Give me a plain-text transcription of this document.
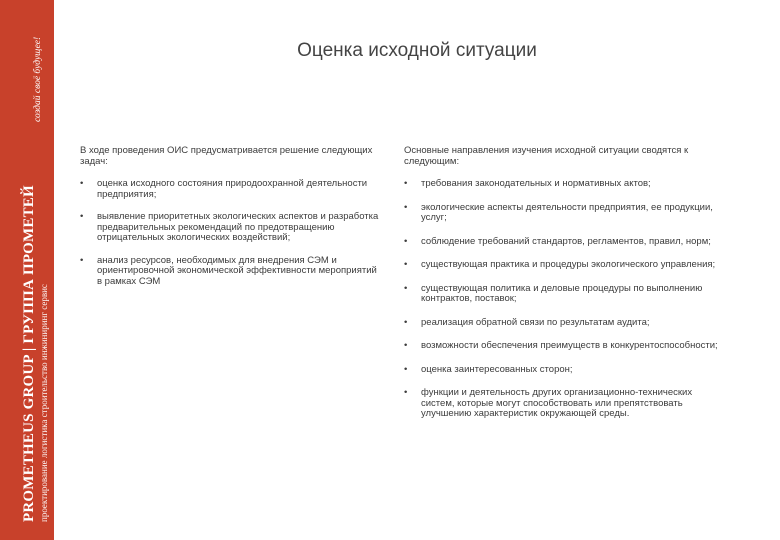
PROMETHEUS GROUP | ГРУППА ПРОМЕТЕЙ проектирование логистика строительство инжиниринг сервис
создай своё будущее!	Оценка исходной ситуации

В ходе проведения ОИС предусматривается решение следующих задач:

• оценка исходного состояния природоохранной деятельности предприятия;
• выявление приоритетных экологических аспектов и разработка предварительных рекомендаций по предотвращению отрицательных экологических воздействий;
• анализ ресурсов, необходимых для внедрения СЭМ и ориентировочной экономической эффективности мероприятий в рамках СЭМ

Основные направления изучения исходной ситуации сводятся к следующим:

• требования законодательных и нормативных актов;
• экологические аспекты деятельности предприятия, ее продукции, услуг;
• соблюдение требований стандартов, регламентов, правил, норм;
• существующая практика и процедуры экологического управления;
• существующая политика и деловые процедуры по выполнению контрактов, поставок;
• реализация обратной связи по результатам аудита;
• возможности обеспечения преимуществ в конкурентоспособности;
• оценка заинтересованных сторон;
• функции и деятельность других организационно-технических систем, которые могут способствовать или препятствовать улучшению характеристик окружающей среды.
